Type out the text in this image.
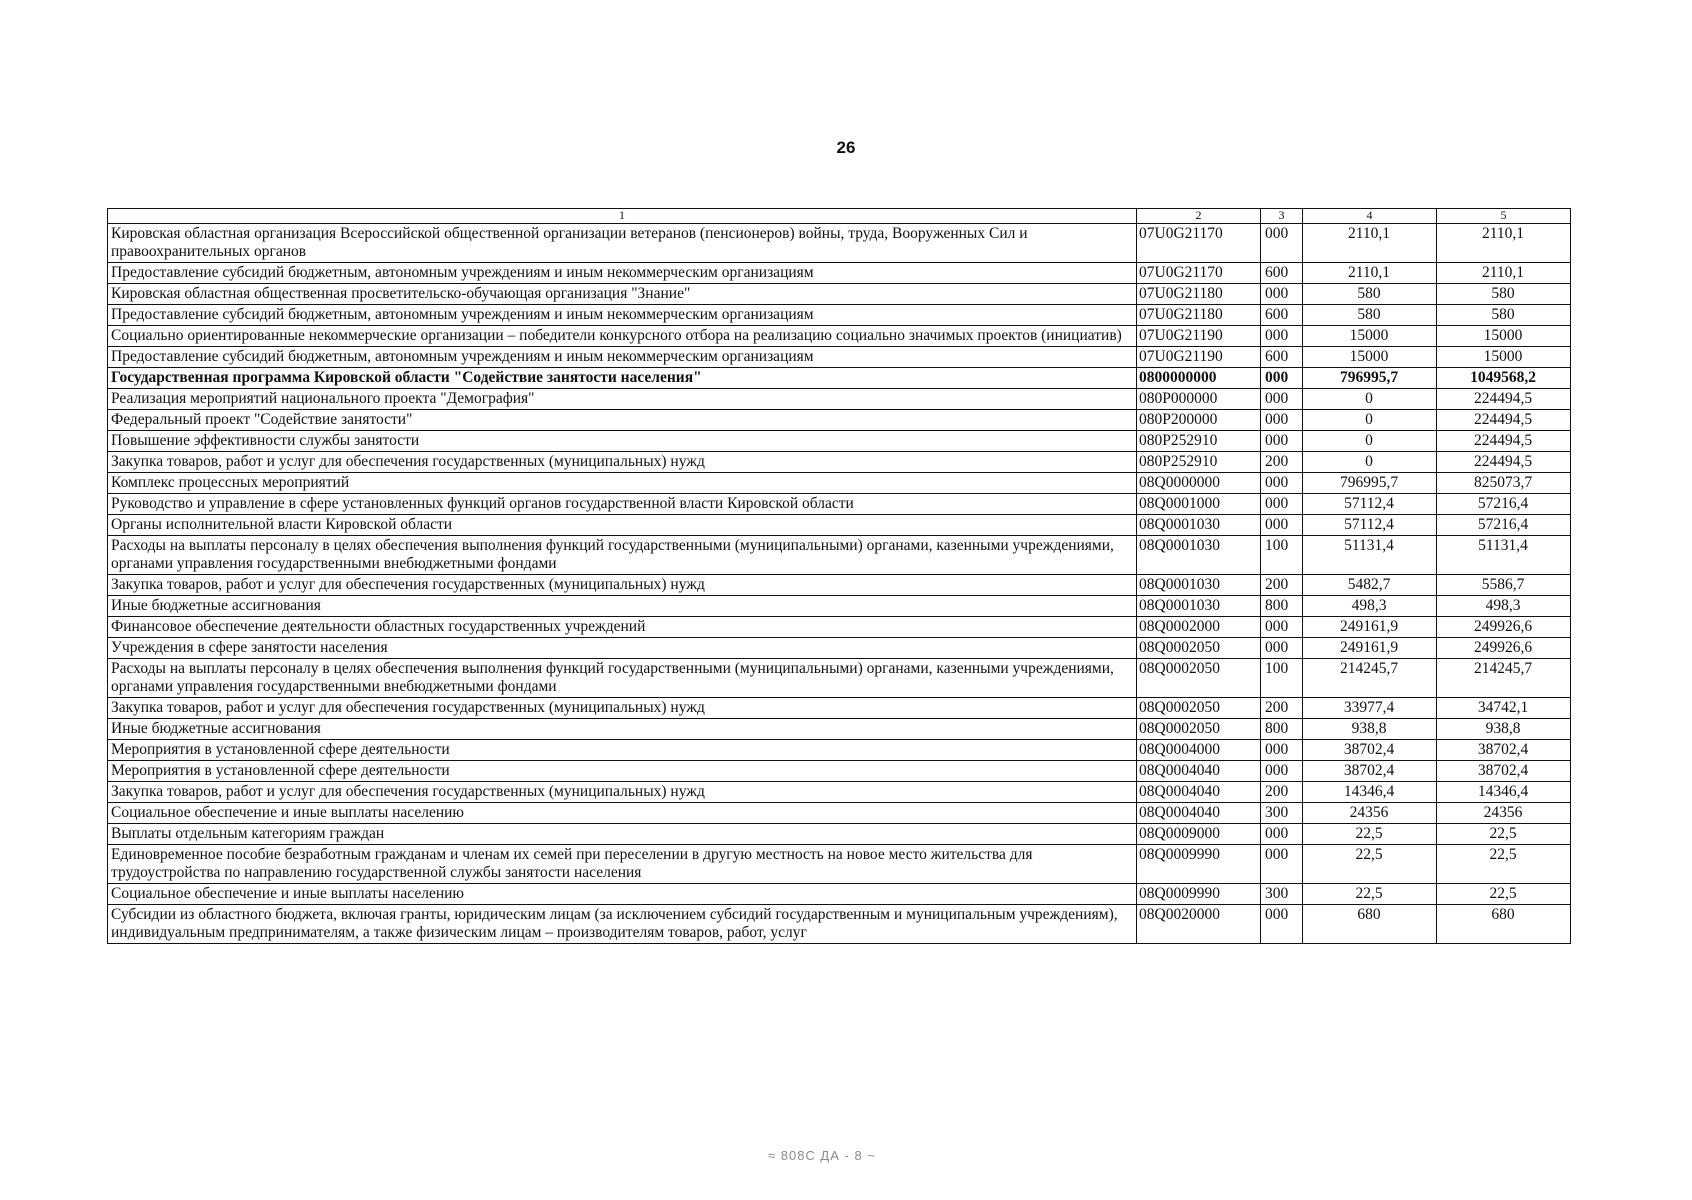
26
1	2	3	4	5
Кировская областная организация Всероссийской общественной организации ветеранов (пенсионеров) войны, труда, Вооруженных Сил и правоохранительных органов	07U0G21170	000	2110,1	2110,1
Предоставление субсидий бюджетным, автономным учреждениям и иным некоммерческим организациям	07U0G21170	600	2110,1	2110,1
Кировская областная общественная просветительско-обучающая организация "Знание"	07U0G21180	000	580	580
Предоставление субсидий бюджетным, автономным учреждениям и иным некоммерческим организациям	07U0G21180	600	580	580
Социально ориентированные некоммерческие организации – победители конкурсного отбора на реализацию социально значимых проектов (инициатив)	07U0G21190	000	15000	15000
Предоставление субсидий бюджетным, автономным учреждениям и иным некоммерческим организациям	07U0G21190	600	15000	15000
Государственная программа Кировской области "Содействие занятости населения"	0800000000	000	796995,7	1049568,2
Реализация мероприятий национального проекта "Демография"	080P000000	000	0	224494,5
Федеральный проект "Содействие занятости"	080P200000	000	0	224494,5
Повышение эффективности службы занятости	080P252910	000	0	224494,5
Закупка товаров, работ и услуг для обеспечения государственных (муниципальных) нужд	080P252910	200	0	224494,5
Комплекс процессных мероприятий	08Q0000000	000	796995,7	825073,7
Руководство и управление в сфере установленных функций органов государственной власти Кировской области	08Q0001000	000	57112,4	57216,4
Органы исполнительной власти Кировской области	08Q0001030	000	57112,4	57216,4
Расходы на выплаты персоналу в целях обеспечения выполнения функций государственными (муниципальными) органами, казенными учреждениями, органами управления государственными внебюджетными фондами	08Q0001030	100	51131,4	51131,4
Закупка товаров, работ и услуг для обеспечения государственных (муниципальных) нужд	08Q0001030	200	5482,7	5586,7
Иные бюджетные ассигнования	08Q0001030	800	498,3	498,3
Финансовое обеспечение деятельности областных государственных учреждений	08Q0002000	000	249161,9	249926,6
Учреждения в сфере занятости населения	08Q0002050	000	249161,9	249926,6
Расходы на выплаты персоналу в целях обеспечения выполнения функций государственными (муниципальными) органами, казенными учреждениями, органами управления государственными внебюджетными фондами	08Q0002050	100	214245,7	214245,7
Закупка товаров, работ и услуг для обеспечения государственных (муниципальных) нужд	08Q0002050	200	33977,4	34742,1
Иные бюджетные ассигнования	08Q0002050	800	938,8	938,8
Мероприятия в установленной сфере деятельности	08Q0004000	000	38702,4	38702,4
Мероприятия в установленной сфере деятельности	08Q0004040	000	38702,4	38702,4
Закупка товаров, работ и услуг для обеспечения государственных (муниципальных) нужд	08Q0004040	200	14346,4	14346,4
Социальное обеспечение и иные выплаты населению	08Q0004040	300	24356	24356
Выплаты отдельным категориям граждан	08Q0009000	000	22,5	22,5
Единовременное пособие безработным гражданам и членам их семей при переселении в другую местность на новое место жительства для трудоустройства по направлению государственной службы занятости населения	08Q0009990	000	22,5	22,5
Социальное обеспечение и иные выплаты населению	08Q0009990	300	22,5	22,5
Субсидии из областного бюджета, включая гранты, юридическим лицам (за исключением субсидий государственным и муниципальным учреждениям), индивидуальным предпринимателям, а также физическим лицам – производителям товаров, работ, услуг	08Q0020000	000	680	680
≈ 808С ДА - 8 ~
